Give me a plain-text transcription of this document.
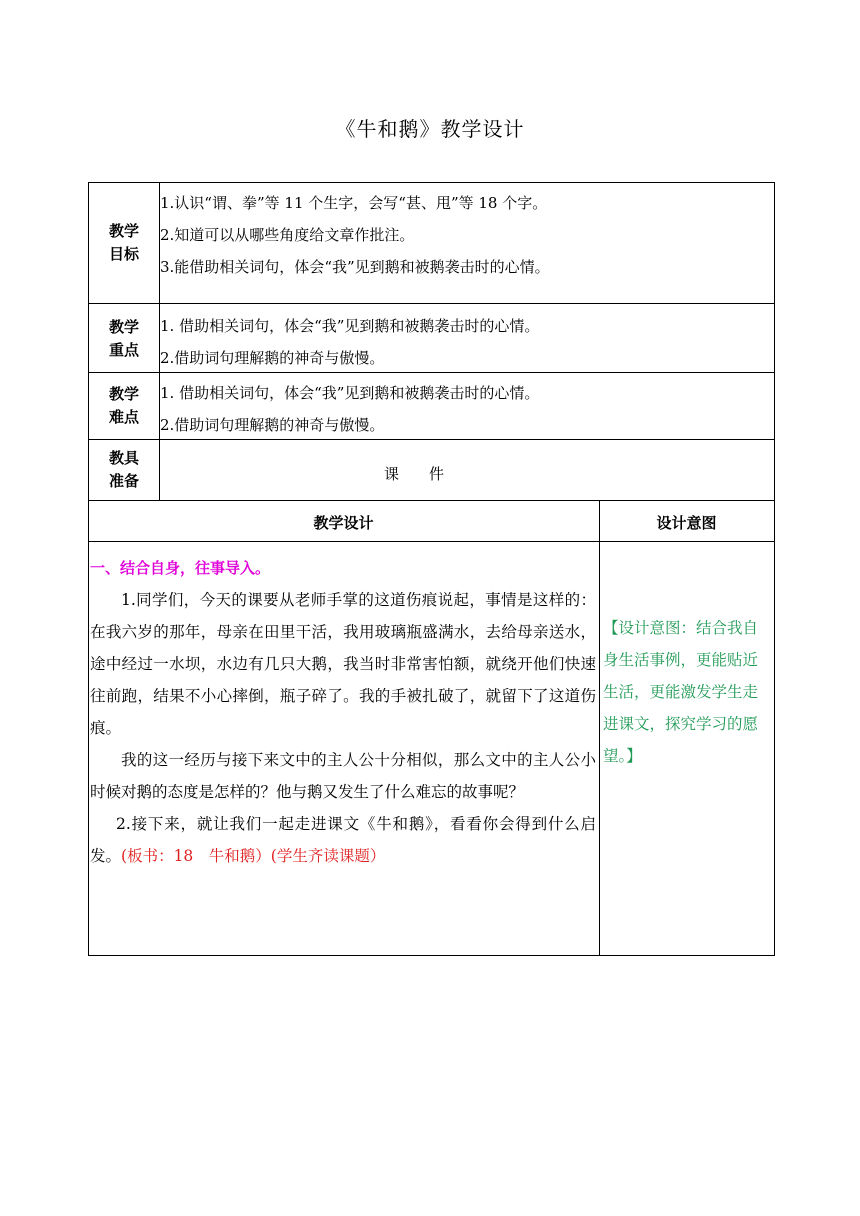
《牛和鹅》教学设计
教学
目标
1.认识“谓、拳”等 11 个生字，会写“甚、甩”等 18 个字。
2.知道可以从哪些角度给文章作批注。
3.能借助相关词句，体会“我”见到鹅和被鹅袭击时的心情。
教学
重点
1. 借助相关词句，体会“我”见到鹅和被鹅袭击时的心情。
2.借助词句理解鹅的神奇与傲慢。
教学
难点
1. 借助相关词句，体会“我”见到鹅和被鹅袭击时的心情。
2.借助词句理解鹅的神奇与傲慢。
教具
准备	课　　件
教学设计	设计意图

一、结合自身，往事导入。

1.同学们，今天的课要从老师手掌的这道伤痕说起，事情是这样的：在我六岁的那年，母亲在田里干活，我用玻璃瓶盛满水，去给母亲送水，途中经过一水坝，水边有几只大鹅，我当时非常害怕额，就绕开他们快速往前跑，结果不小心摔倒，瓶子碎了。我的手被扎破了，就留下了这道伤痕。

我的这一经历与接下来文中的主人公十分相似，那么文中的主人公小时候对鹅的态度是怎样的？他与鹅又发生了什么难忘的故事呢？

2.接下来，就让我们一起走进课文《牛和鹅》，看看你会得到什么启发。(板书：18　牛和鹅）(学生齐读课题）

【设计意图：结合我自身生活事例，更能贴近生活，更能激发学生走进课文，探究学习的愿望。】
